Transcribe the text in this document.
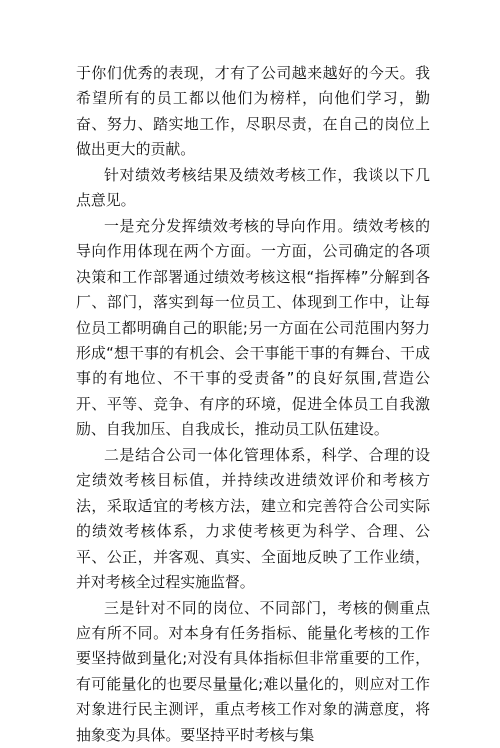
于你们优秀的表现，才有了公司越来越好的今天。我希望所有的员工都以他们为榜样，向他们学习，勤奋、努力、踏实地工作，尽职尽责，在自己的岗位上做出更大的贡献。

针对绩效考核结果及绩效考核工作，我谈以下几点意见。

一是充分发挥绩效考核的导向作用。绩效考核的导向作用体现在两个方面。一方面，公司确定的各项决策和工作部署通过绩效考核这根“指挥棒”分解到各厂、部门，落实到每一位员工、体现到工作中，让每位员工都明确自己的职能;另一方面在公司范围内努力形成“想干事的有机会、会干事能干事的有舞台、干成事的有地位、不干事的受责备”的良好氛围,营造公开、平等、竞争、有序的环境，促进全体员工自我激励、自我加压、自我成长，推动员工队伍建设。

二是结合公司一体化管理体系，科学、合理的设定绩效考核目标值，并持续改进绩效评价和考核方法，采取适宜的考核方法，建立和完善符合公司实际的绩效考核体系，力求使考核更为科学、合理、公平、公正，并客观、真实、全面地反映了工作业绩，并对考核全过程实施监督。

三是针对不同的岗位、不同部门，考核的侧重点应有所不同。对本身有任务指标、能量化考核的工作要坚持做到量化;对没有具体指标但非常重要的工作，有可能量化的也要尽量量化;难以量化的，则应对工作对象进行民主测评，重点考核工作对象的满意度，将抽象变为具体。要坚持平时考核与集
